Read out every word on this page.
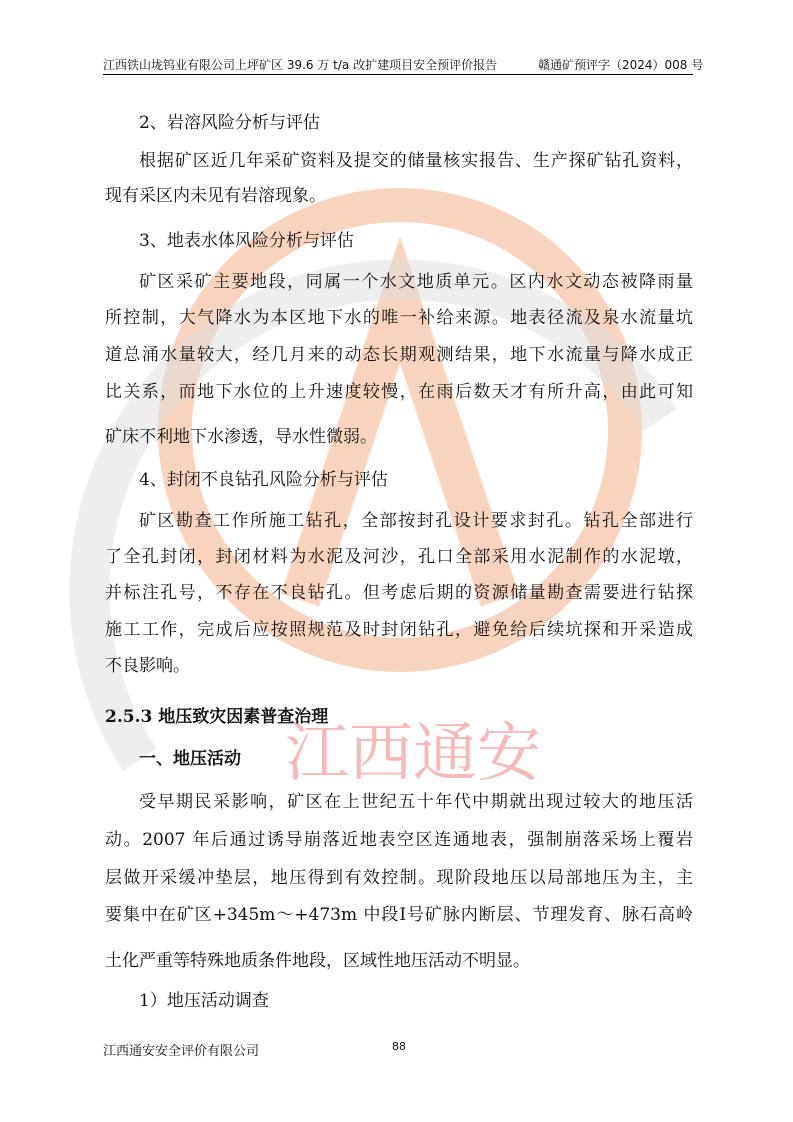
江西通安
江西铁山垅钨业有限公司上坪矿区 39.6 万 t/a 改扩建项目安全预评价报告	赣通矿预评字（2024）008 号
2、岩溶风险分析与评估
根据矿区近几年采矿资料及提交的储量核实报告、生产探矿钻孔资料，
现有采区内未见有岩溶现象。
3、地表水体风险分析与评估
矿区采矿主要地段，同属一个水文地质单元。区内水文动态被降雨量
所控制，大气降水为本区地下水的唯一补给来源。地表径流及泉水流量坑
道总涌水量较大，经几月来的动态长期观测结果，地下水流量与降水成正
比关系，而地下水位的上升速度较慢，在雨后数天才有所升高，由此可知
矿床不利地下水渗透，导水性微弱。
4、封闭不良钻孔风险分析与评估
矿区勘查工作所施工钻孔，全部按封孔设计要求封孔。钻孔全部进行
了全孔封闭，封闭材料为水泥及河沙，孔口全部采用水泥制作的水泥墩，
并标注孔号，不存在不良钻孔。但考虑后期的资源储量勘查需要进行钻探
施工工作，完成后应按照规范及时封闭钻孔，避免给后续坑探和开采造成
不良影响。
2.5.3 地压致灾因素普查治理
一、地压活动
受早期民采影响，矿区在上世纪五十年代中期就出现过较大的地压活
动。2007 年后通过诱导崩落近地表空区连通地表，强制崩落采场上覆岩
层做开采缓冲垫层，地压得到有效控制。现阶段地压以局部地压为主，主
要集中在矿区+345m～+473m 中段Ⅰ号矿脉内断层、节理发育、脉石高岭
土化严重等特殊地质条件地段，区域性地压活动不明显。
1）地压活动调查
江西通安安全评价有限公司	88
